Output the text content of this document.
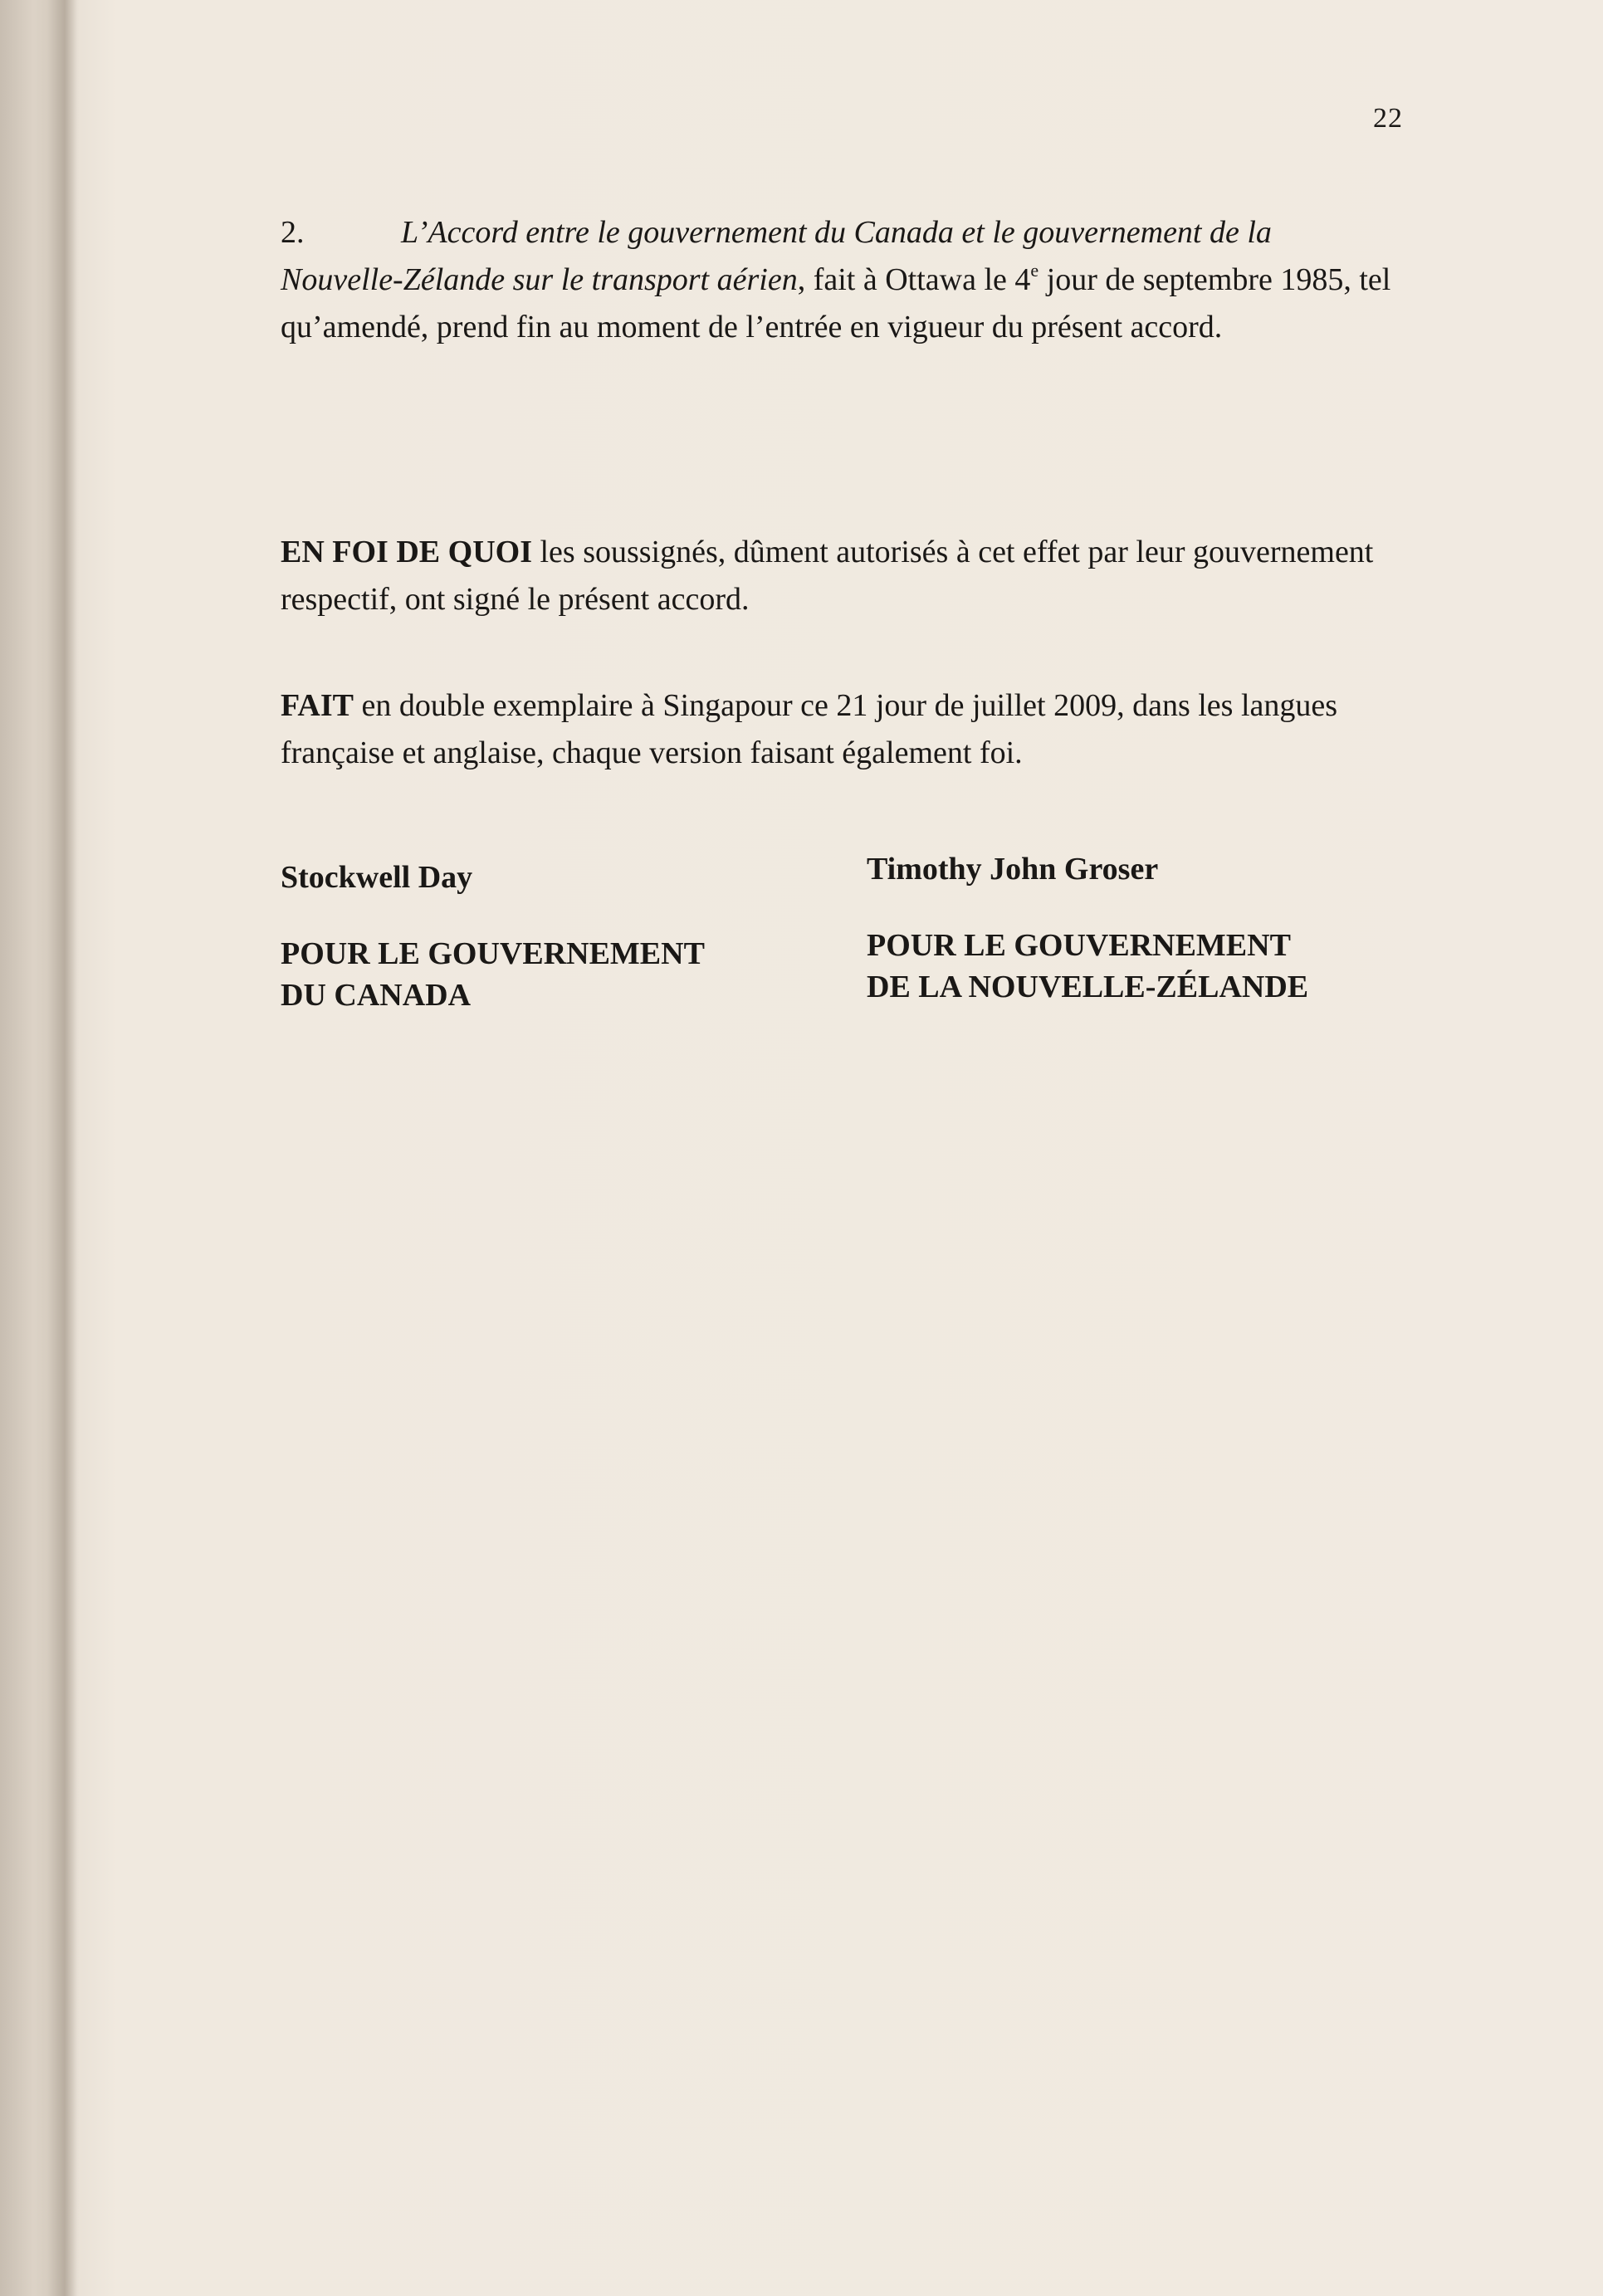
22
2.	L’Accord entre le gouvernement du Canada et le gouvernement de la Nouvelle-Zélande sur le transport aérien, fait à Ottawa le 4e jour de septembre 1985, tel qu’amendé, prend fin au moment de l’entrée en vigueur du présent accord.
EN FOI DE QUOI les soussignés, dûment autorisés à cet effet par leur gouvernement respectif, ont signé le présent accord.
FAIT en double exemplaire à Singapour ce 21 jour de juillet 2009, dans les langues française et anglaise, chaque version faisant également foi.
Stockwell Day	Timothy John Groser
POUR LE GOUVERNEMENT
DU CANADA
POUR LE GOUVERNEMENT
DE LA NOUVELLE-ZÉLANDE
